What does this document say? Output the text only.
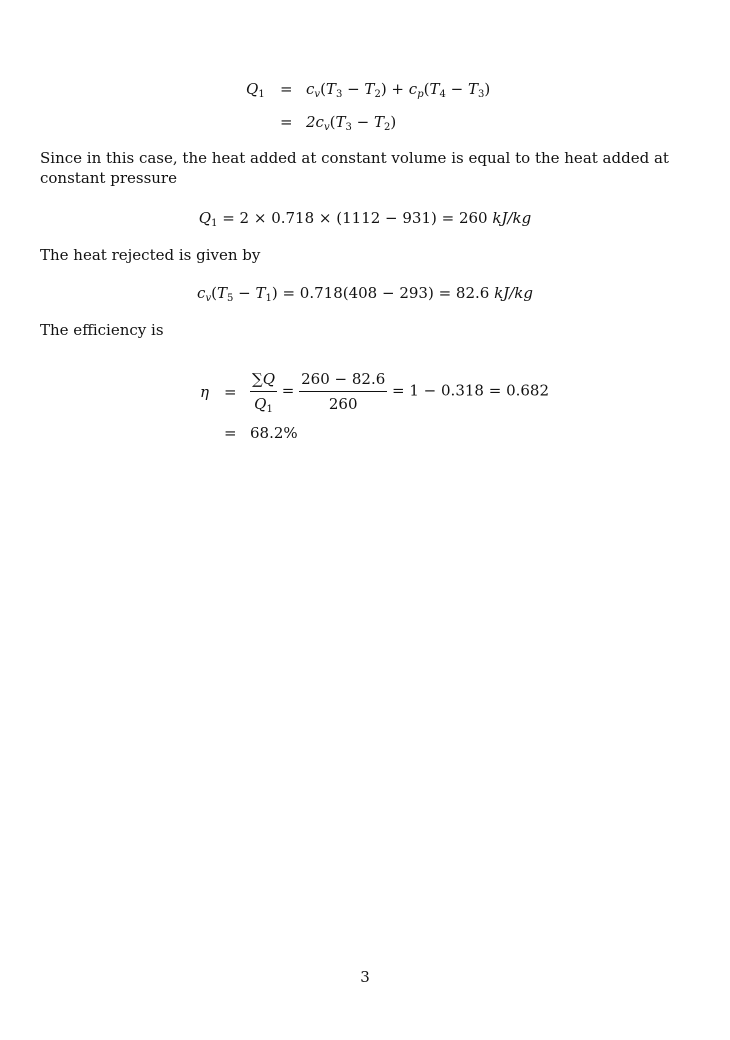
$Q_1 = c_v(T_3 - T_2) + c_p(T_4 - T_3)$
= $2c_v(T_3 - T_2)$
Since in this case, the heat added at constant volume is equal to the heat added at constant pressure
$Q_1 = 2 \times 0.718 \times (1112 - 931) = 260$ kJ/kg
The heat rejected is given by
$c_v(T_5 - T_1) = 0.718(408 - 293) = 82.6$ kJ/kg
The efficiency is
$\eta = \frac{\sum Q}{Q_1} = \frac{260 - 82.6}{260} = 1 - 0.318 = 0.682$
= 68.2%
3
